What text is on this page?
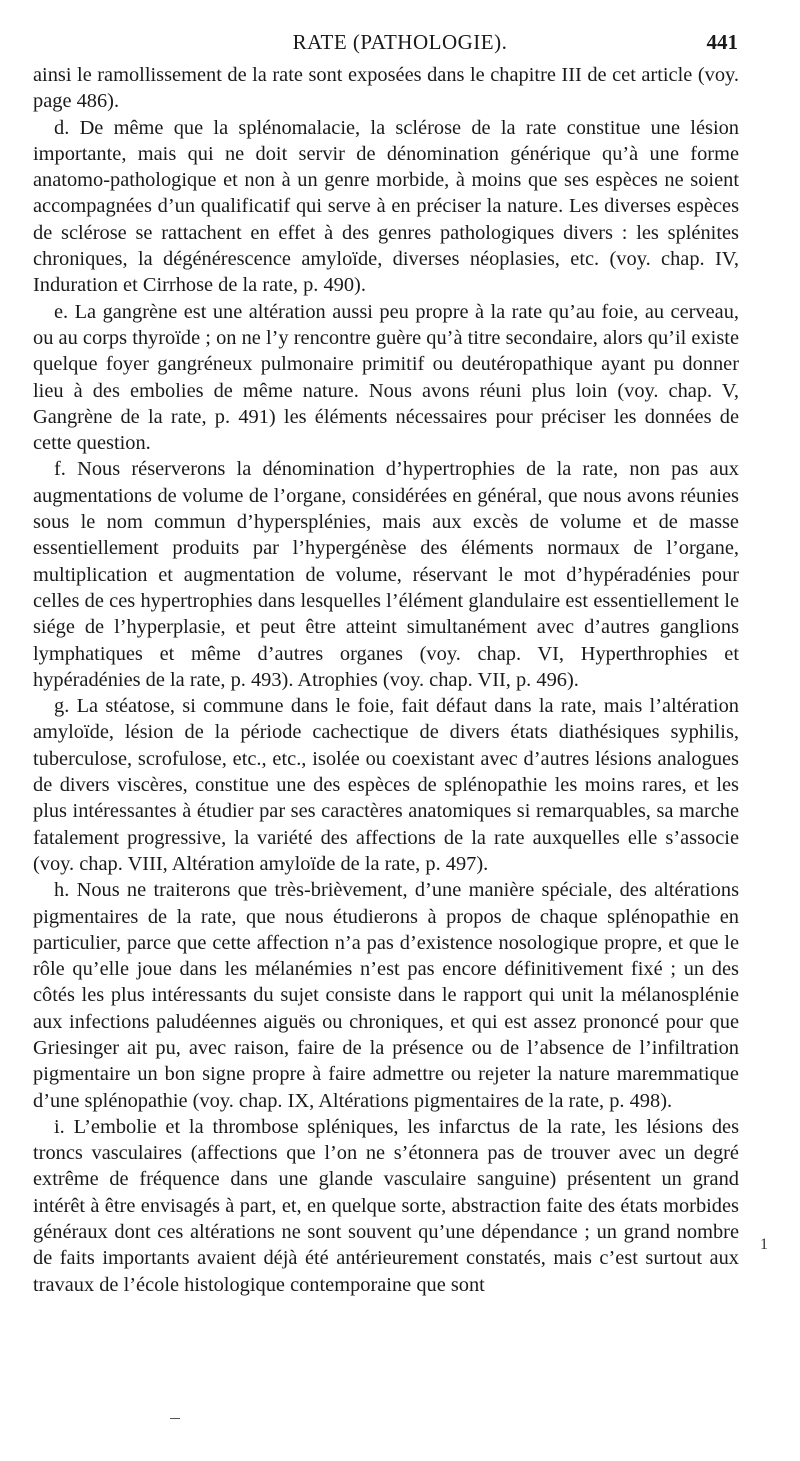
RATE (PATHOLOGIE).	441

ainsi le ramollissement de la rate sont exposées dans le chapitre III de cet article (voy. page 486).

d. De même que la splénomalacie, la sclérose de la rate constitue une lésion importante, mais qui ne doit servir de dénomination générique qu’à une forme anatomo-pathologique et non à un genre morbide, à moins que ses espèces ne soient accompagnées d’un qualificatif qui serve à en préciser la nature. Les diverses espèces de sclérose se rattachent en effet à des genres pathologiques divers : les splénites chroniques, la dégénérescence amyloïde, diverses néoplasies, etc. (voy. chap. IV, Induration et Cirrhose de la rate, p. 490).

e. La gangrène est une altération aussi peu propre à la rate qu’au foie, au cerveau, ou au corps thyroïde ; on ne l’y rencontre guère qu’à titre secondaire, alors qu’il existe quelque foyer gangréneux pulmonaire primitif ou deutéropathique ayant pu donner lieu à des embolies de même nature. Nous avons réuni plus loin (voy. chap. V, Gangrène de la rate, p. 491) les éléments nécessaires pour préciser les données de cette question.

f. Nous réserverons la dénomination d’hypertrophies de la rate, non pas aux augmentations de volume de l’organe, considérées en général, que nous avons réunies sous le nom commun d’hypersplénies, mais aux excès de volume et de masse essentiellement produits par l’hypergénèse des éléments normaux de l’organe, multiplication et augmentation de volume, réservant le mot d’hypéradénies pour celles de ces hypertrophies dans lesquelles l’élément glandulaire est essentiellement le siége de l’hyperplasie, et peut être atteint simultanément avec d’autres ganglions lymphatiques et même d’autres organes (voy. chap. VI, Hyperthrophies et hypéradénies de la rate, p. 493). Atrophies (voy. chap. VII, p. 496).

g. La stéatose, si commune dans le foie, fait défaut dans la rate, mais l’altération amyloïde, lésion de la période cachectique de divers états diathésiques syphilis, tuberculose, scrofulose, etc., etc., isolée ou coexistant avec d’autres lésions analogues de divers viscères, constitue une des espèces de splénopathie les moins rares, et les plus intéressantes à étudier par ses caractères anatomiques si remarquables, sa marche fatalement progressive, la variété des affections de la rate auxquelles elle s’associe (voy. chap. VIII, Altération amyloïde de la rate, p. 497).

h. Nous ne traiterons que très-brièvement, d’une manière spéciale, des altérations pigmentaires de la rate, que nous étudierons à propos de chaque splénopathie en particulier, parce que cette affection n’a pas d’existence nosologique propre, et que le rôle qu’elle joue dans les mélanémies n’est pas encore définitivement fixé ; un des côtés les plus intéressants du sujet consiste dans le rapport qui unit la mélanosplénie aux infections paludéennes aiguës ou chroniques, et qui est assez prononcé pour que Griesinger ait pu, avec raison, faire de la présence ou de l’absence de l’infiltration pigmentaire un bon signe propre à faire admettre ou rejeter la nature maremmatique d’une splénopathie (voy. chap. IX, Altérations pigmentaires de la rate, p. 498).

i. L’embolie et la thrombose spléniques, les infarctus de la rate, les lésions des troncs vasculaires (affections que l’on ne s’étonnera pas de trouver avec un degré extrême de fréquence dans une glande vasculaire sanguine) présentent un grand intérêt à être envisagés à part, et, en quelque sorte, abstraction faite des états morbides généraux dont ces altérations ne sont souvent qu’une dépendance ; un grand nombre de faits importants avaient déjà été antérieurement constatés, mais c’est surtout aux travaux de l’école histologique contemporaine que sont

1
